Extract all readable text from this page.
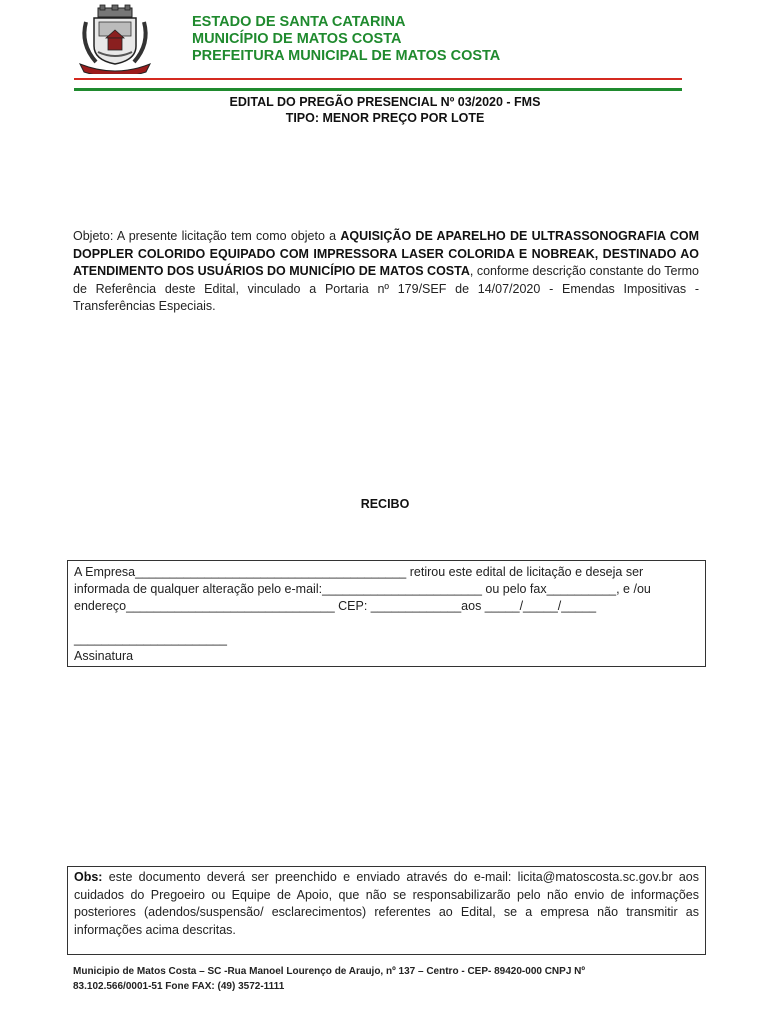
ESTADO DE SANTA CATARINA
MUNICÍPIO DE MATOS COSTA
PREFEITURA MUNICIPAL DE MATOS COSTA
EDITAL DO PREGÃO PRESENCIAL Nº 03/2020 - FMS
TIPO: MENOR PREÇO POR LOTE
Objeto: A presente licitação tem como objeto a AQUISIÇÃO DE APARELHO DE ULTRASSONOGRAFIA COM DOPPLER COLORIDO EQUIPADO COM IMPRESSORA LASER COLORIDA E NOBREAK, DESTINADO AO ATENDIMENTO DOS USUÁRIOS DO MUNICÍPIO DE MATOS COSTA, conforme descrição constante do Termo de Referência deste Edital, vinculado a Portaria nº 179/SEF de 14/07/2020 - Emendas Impositivas - Transferências Especiais.
RECIBO
A Empresa_______________________________________ retirou este edital de licitação e deseja ser
informada de qualquer alteração pelo e-mail:_______________________ ou pelo fax__________, e /ou
endereço______________________________ CEP: _____________aos _____/_____/_____
______________________
Assinatura
Obs: este documento deverá ser preenchido e enviado através do e-mail: licita@matoscosta.sc.gov.br aos cuidados do Pregoeiro ou Equipe de Apoio, que não se responsabilizarão pelo não envio de informações posteriores (adendos/suspensão/ esclarecimentos) referentes ao Edital, se a empresa não transmitir as informações acima descritas.
Municipio de Matos Costa – SC -Rua Manoel Lourenço de Araujo, nº 137 – Centro - CEP- 89420-000 CNPJ Nº
83.102.566/0001-51 Fone FAX: (49) 3572-1111
